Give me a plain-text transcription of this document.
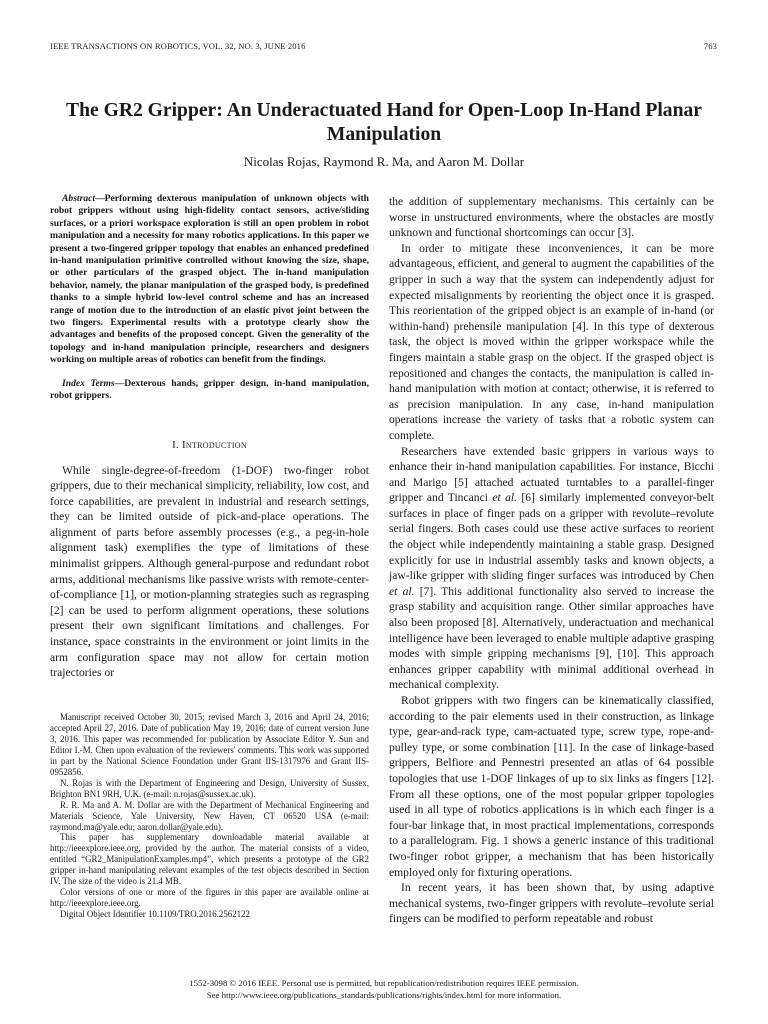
IEEE TRANSACTIONS ON ROBOTICS, VOL. 32, NO. 3, JUNE 2016	763
The GR2 Gripper: An Underactuated Hand for Open-Loop In-Hand Planar Manipulation

Nicolas Rojas, Raymond R. Ma, and Aaron M. Dollar

Abstract—Performing dexterous manipulation of unknown objects with robot grippers without using high-fidelity contact sensors, active/sliding surfaces, or a priori workspace exploration is still an open problem in robot manipulation and a necessity for many robotics applications. In this paper we present a two-fingered gripper topology that enables an enhanced predefined in-hand manipulation primitive controlled without knowing the size, shape, or other particulars of the grasped object. The in-hand manipulation behavior, namely, the planar manipulation of the grasped body, is predefined thanks to a simple hybrid low-level control scheme and has an increased range of motion due to the introduction of an elastic pivot joint between the two fingers. Experimental results with a prototype clearly show the advantages and benefits of the proposed concept. Given the generality of the topology and in-hand manipulation principle, researchers and designers working on multiple areas of robotics can benefit from the findings.

Index Terms—Dexterous hands, gripper design, in-hand manipulation, robot grippers.

I. Introduction

While single-degree-of-freedom (1-DOF) two-finger robot grippers, due to their mechanical simplicity, reliability, low cost, and force capabilities, are prevalent in industrial and research settings, they can be limited outside of pick-and-place operations. The alignment of parts before assembly processes (e.g., a peg-in-hole alignment task) exemplifies the type of limitations of these minimalist grippers. Although general-purpose and redundant robot arms, additional mechanisms like passive wrists with remote-center-of-compliance [1], or motion-planning strategies such as regrasping [2] can be used to perform alignment operations, these solutions present their own significant limitations and challenges. For instance, space constraints in the environment or joint limits in the arm configuration space may not allow for certain motion trajectories or

Manuscript received October 30, 2015; revised March 3, 2016 and April 24, 2016; accepted April 27, 2016. Date of publication May 19, 2016; date of current version June 3, 2016. This paper was recommended for publication by Associate Editor Y. Sun and Editor I.-M. Chen upon evaluation of the reviewers' comments. This work was supported in part by the National Science Foundation under Grant IIS-1317976 and Grant IIS-0952856.

N. Rojas is with the Department of Engineering and Design, University of Sussex, Brighton BN1 9RH, U.K. (e-mail: n.rojas@sussex.ac.uk).

R. R. Ma and A. M. Dollar are with the Department of Mechanical Engineering and Materials Science, Yale University, New Haven, CT 06520 USA (e-mail: raymond.ma@yale.edu; aaron.dollar@yale.edu).

This paper has supplementary downloadable material available at http://ieeexplore.ieee.org, provided by the author. The material consists of a video, entitled “GR2_ManipulationExamples.mp4”, which presents a prototype of the GR2 gripper in-hand manipulating relevant examples of the test objects described in Section IV. The size of the video is 21.4 MB.

Color versions of one or more of the figures in this paper are available online at http://ieeexplore.ieee.org.

Digital Object Identifier 10.1109/TRO.2016.2562122

the addition of supplementary mechanisms. This certainly can be worse in unstructured environments, where the obstacles are mostly unknown and functional shortcomings can occur [3].

In order to mitigate these inconveniences, it can be more advantageous, efficient, and general to augment the capabilities of the gripper in such a way that the system can independently adjust for expected misalignments by reorienting the object once it is grasped. This reorientation of the gripped object is an example of in-hand (or within-hand) prehensile manipulation [4]. In this type of dexterous task, the object is moved within the gripper workspace while the fingers maintain a stable grasp on the object. If the grasped object is repositioned and changes the contacts, the manipulation is called in-hand manipulation with motion at contact; otherwise, it is referred to as precision manipulation. In any case, in-hand manipulation operations increase the variety of tasks that a robotic system can complete.

Researchers have extended basic grippers in various ways to enhance their in-hand manipulation capabilities. For instance, Bicchi and Marigo [5] attached actuated turntables to a parallel-finger gripper and Tincanci et al. [6] similarly implemented conveyor-belt surfaces in place of finger pads on a gripper with revolute–revolute serial fingers. Both cases could use these active surfaces to reorient the object while independently maintaining a stable grasp. Designed explicitly for use in industrial assembly tasks and known objects, a jaw-like gripper with sliding finger surfaces was introduced by Chen et al. [7]. This additional functionality also served to increase the grasp stability and acquisition range. Other similar approaches have also been proposed [8]. Alternatively, underactuation and mechanical intelligence have been leveraged to enable multiple adaptive grasping modes with simple gripping mechanisms [9], [10]. This approach enhances gripper capability with minimal additional overhead in mechanical complexity.

Robot grippers with two fingers can be kinematically classified, according to the pair elements used in their construction, as linkage type, gear-and-rack type, cam-actuated type, screw type, rope-and-pulley type, or some combination [11]. In the case of linkage-based grippers, Belfiore and Pennestri presented an atlas of 64 possible topologies that use 1-DOF linkages of up to six links as fingers [12]. From all these options, one of the most popular gripper topologies used in all type of robotics applications is in which each finger is a four-bar linkage that, in most practical implementations, corresponds to a parallelogram. Fig. 1 shows a generic instance of this traditional two-finger robot gripper, a mechanism that has been historically employed only for fixturing operations.

In recent years, it has been shown that, by using adaptive mechanical systems, two-finger grippers with revolute–revolute serial fingers can be modified to perform repeatable and robust

1552-3098 © 2016 IEEE. Personal use is permitted, but republication/redistribution requires IEEE permission.

See http://www.ieee.org/publications_standards/publications/rights/index.html for more information.
